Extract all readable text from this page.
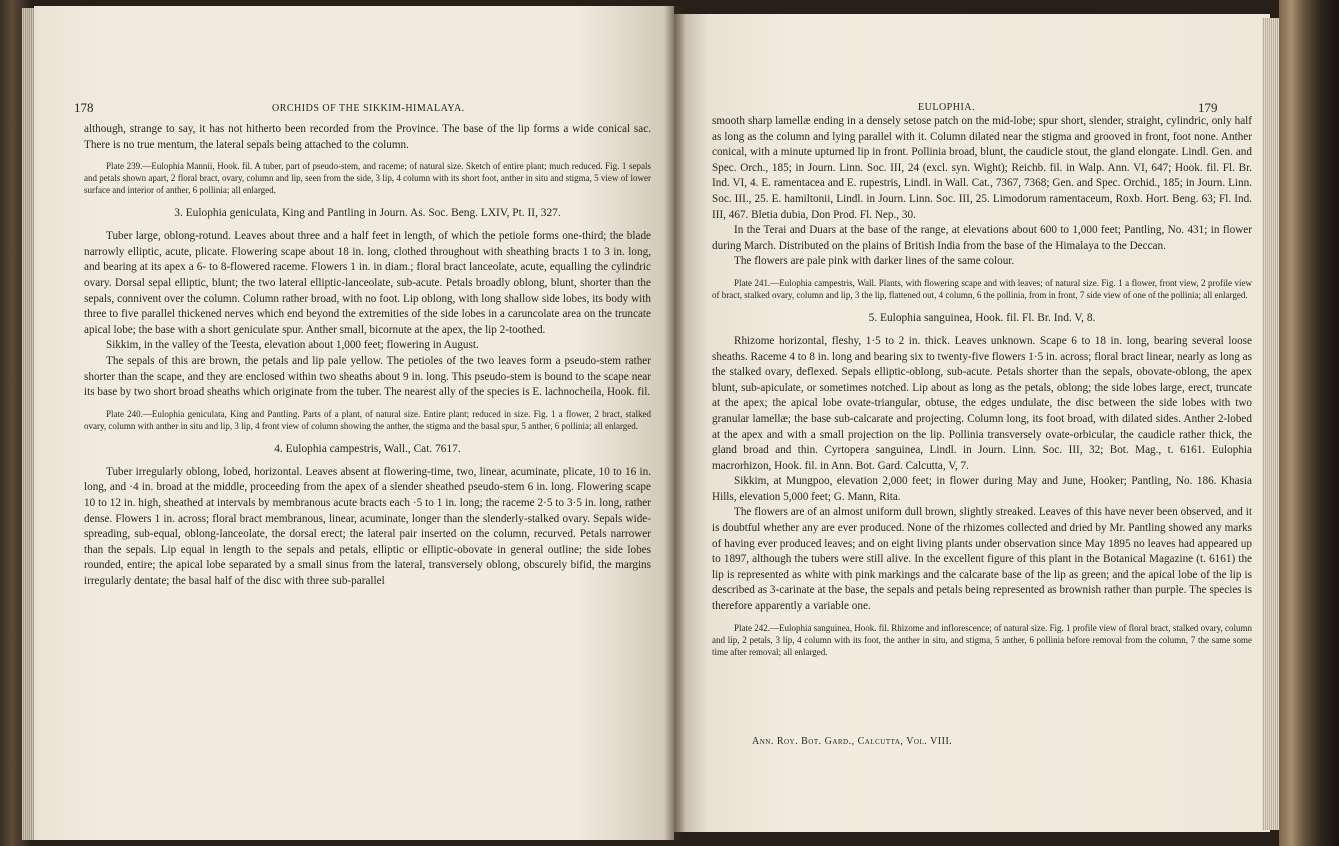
178	ORCHIDS OF THE SIKKIM-HIMALAYA.

although, strange to say, it has not hitherto been recorded from the Province. The base of the lip forms a wide conical sac. There is no true mentum, the lateral sepals being attached to the column.

Plate 239.—Eulophia Mannii, Hook. fil. A tuber, part of pseudo-stem, and raceme; of natural size. Sketch of entire plant; much reduced. Fig. 1 sepals and petals shown apart, 2 floral bract, ovary, column and lip, seen from the side, 3 lip, 4 column with its short foot, anther in situ and stigma, 5 view of lower surface and interior of anther, 6 pollinia; all enlarged.

3. Eulophia geniculata, King and Pantling in Journ. As. Soc. Beng. LXIV, Pt. II, 327.

Tuber large, oblong-rotund. Leaves about three and a half feet in length, of which the petiole forms one-third; the blade narrowly elliptic, acute, plicate. Flowering scape about 18 in. long, clothed throughout with sheathing bracts 1 to 3 in. long, and bearing at its apex a 6- to 8-flowered raceme. Flowers 1 in. in diam.; floral bract lanceolate, acute, equalling the cylindric ovary. Dorsal sepal elliptic, blunt; the two lateral elliptic-lanceolate, sub-acute. Petals broadly oblong, blunt, shorter than the sepals, connivent over the column. Column rather broad, with no foot. Lip oblong, with long shallow side lobes, its body with three to five parallel thickened nerves which end beyond the extremities of the side lobes in a caruncolate area on the truncate apical lobe; the base with a short geniculate spur. Anther small, bicornute at the apex, the lip 2-toothed.

Sikkim, in the valley of the Teesta, elevation about 1,000 feet; flowering in August.

The sepals of this are brown, the petals and lip pale yellow. The petioles of the two leaves form a pseudo-stem rather shorter than the scape, and they are enclosed within two sheaths about 9 in. long. This pseudo-stem is bound to the scape near its base by two short broad sheaths which originate from the tuber. The nearest ally of the species is E. lachnocheila, Hook. fil.

Plate 240.—Eulophia geniculata, King and Pantling. Parts of a plant, of natural size. Entire plant; reduced in size. Fig. 1 a flower, 2 bract, stalked ovary, column with anther in situ and lip, 3 lip, 4 front view of column showing the anther, the stigma and the basal spur, 5 anther, 6 pollinia; all enlarged.

4. Eulophia campestris, Wall., Cat. 7617.

Tuber irregularly oblong, lobed, horizontal. Leaves absent at flowering-time, two, linear, acuminate, plicate, 10 to 16 in. long, and ·4 in. broad at the middle, proceeding from the apex of a slender sheathed pseudo-stem 6 in. long. Flowering scape 10 to 12 in. high, sheathed at intervals by membranous acute bracts each ·5 to 1 in. long; the raceme 2·5 to 3·5 in. long, rather dense. Flowers 1 in. across; floral bract membranous, linear, acuminate, longer than the slenderly-stalked ovary. Sepals wide-spreading, sub-equal, oblong-lanceolate, the dorsal erect; the lateral pair inserted on the column, recurved. Petals narrower than the sepals. Lip equal in length to the sepals and petals, elliptic or elliptic-obovate in general outline; the side lobes rounded, entire; the apical lobe separated by a small sinus from the lateral, transversely oblong, obscurely bifid, the margins irregularly dentate; the basal half of the disc with three sub-parallel

EULOPHIA.	179

smooth sharp lamellæ ending in a densely setose patch on the mid-lobe; spur short, slender, straight, cylindric, only half as long as the column and lying parallel with it. Column dilated near the stigma and grooved in front, foot none. Anther conical, with a minute upturned lip in front. Pollinia broad, blunt, the caudicle stout, the gland elongate. Lindl. Gen. and Spec. Orch., 185; in Journ. Linn. Soc. III, 24 (excl. syn. Wight); Reichb. fil. in Walp. Ann. VI, 647; Hook. fil. Fl. Br. Ind. VI, 4. E. ramentacea and E. rupestris, Lindl. in Wall. Cat., 7367, 7368; Gen. and Spec. Orchid., 185; in Journ. Linn. Soc. III., 25. E. hamiltonii, Lindl. in Journ. Linn. Soc. III, 25. Limodorum ramentaceum, Roxb. Hort. Beng. 63; Fl. Ind. III, 467. Bletia dubia, Don Prod. Fl. Nep., 30.

In the Terai and Duars at the base of the range, at elevations about 600 to 1,000 feet; Pantling, No. 431; in flower during March. Distributed on the plains of British India from the base of the Himalaya to the Deccan.

The flowers are pale pink with darker lines of the same colour.

Plate 241.—Eulophia campestris, Wall. Plants, with flowering scape and with leaves; of natural size. Fig. 1 a flower, front view, 2 profile view of bract, stalked ovary, column and lip, 3 the lip, flattened out, 4 column, 6 the pollinia, from in front, 7 side view of one of the pollinia; all enlarged.

5. Eulophia sanguinea, Hook. fil. Fl. Br. Ind. V, 8.

Rhizome horizontal, fleshy, 1·5 to 2 in. thick. Leaves unknown. Scape 6 to 18 in. long, bearing several loose sheaths. Raceme 4 to 8 in. long and bearing six to twenty-five flowers 1·5 in. across; floral bract linear, nearly as long as the stalked ovary, deflexed. Sepals elliptic-oblong, sub-acute. Petals shorter than the sepals, obovate-oblong, the apex blunt, sub-apiculate, or sometimes notched. Lip about as long as the petals, oblong; the side lobes large, erect, truncate at the apex; the apical lobe ovate-triangular, obtuse, the edges undulate, the disc between the side lobes with two granular lamellæ; the base sub-calcarate and projecting. Column long, its foot broad, with dilated sides. Anther 2-lobed at the apex and with a small projection on the lip. Pollinia transversely ovate-orbicular, the caudicle rather thick, the gland broad and thin. Cyrtopera sanguinea, Lindl. in Journ. Linn. Soc. III, 32; Bot. Mag., t. 6161. Eulophia macrorhizon, Hook. fil. in Ann. Bot. Gard. Calcutta, V, 7.

Sikkim, at Mungpoo, elevation 2,000 feet; in flower during May and June, Hooker; Pantling, No. 186. Khasia Hills, elevation 5,000 feet; G. Mann, Rita.

The flowers are of an almost uniform dull brown, slightly streaked. Leaves of this have never been observed, and it is doubtful whether any are ever produced. None of the rhizomes collected and dried by Mr. Pantling showed any marks of having ever produced leaves; and on eight living plants under observation since May 1895 no leaves had appeared up to 1897, although the tubers were still alive. In the excellent figure of this plant in the Botanical Magazine (t. 6161) the lip is represented as white with pink markings and the calcarate base of the lip as green; and the apical lobe of the lip is described as 3-carinate at the base, the sepals and petals being represented as brownish rather than purple. The species is therefore apparently a variable one.

Plate 242.—Eulophia sanguinea, Hook. fil. Rhizome and inflorescence; of natural size. Fig. 1 profile view of floral bract, stalked ovary, column and lip, 2 petals, 3 lip, 4 column with its foot, the anther in situ, and stigma, 5 anther, 6 pollinia before removal from the column, 7 the same some time after removal; all enlarged.

Ann. Roy. Bot. Gard., Calcutta, Vol. VIII.
